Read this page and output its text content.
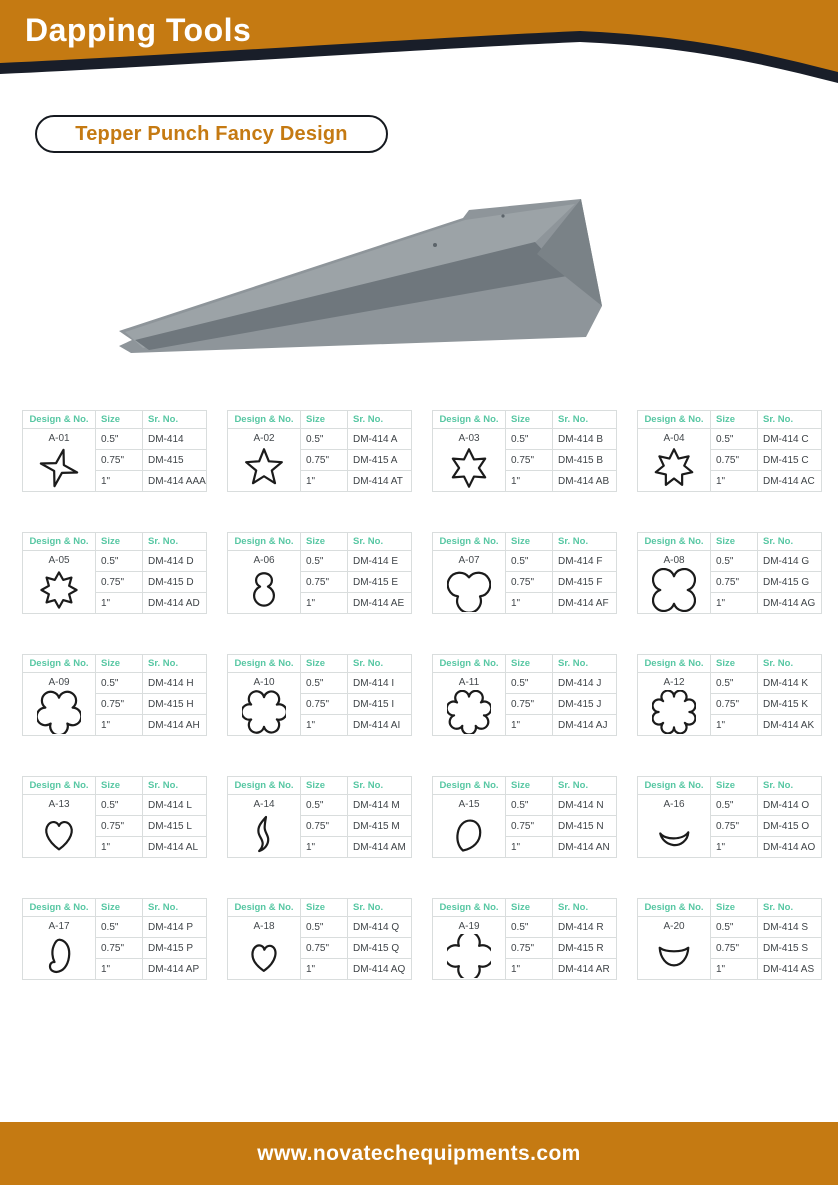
Dapping Tools
Tepper Punch Fancy Design
Design & No.	Size	Sr. No.

A-01	0.5"	DM-414
	0.75"	DM-415
	1"	DM-414 AAA
Design & No.	Size	Sr. No.

A-02	0.5"	DM-414 A
	0.75"	DM-415 A
	1"	DM-414 AT
Design & No.	Size	Sr. No.

A-03	0.5"	DM-414 B
	0.75"	DM-415 B
	1"	DM-414 AB
Design & No.	Size	Sr. No.

A-04	0.5"	DM-414 C
	0.75"	DM-415 C
	1"	DM-414 AC
Design & No.	Size	Sr. No.

A-05	0.5"	DM-414 D
	0.75"	DM-415 D
	1"	DM-414 AD
Design & No.	Size	Sr. No.

A-06	0.5"	DM-414 E
	0.75"	DM-415 E
	1"	DM-414 AE
Design & No.	Size	Sr. No.

A-07	0.5"	DM-414 F
	0.75"	DM-415 F
	1"	DM-414 AF
Design & No.	Size	Sr. No.

A-08	0.5"	DM-414 G
	0.75"	DM-415 G
	1"	DM-414 AG
Design & No.	Size	Sr. No.

A-09	0.5"	DM-414 H
	0.75"	DM-415 H
	1"	DM-414 AH
Design & No.	Size	Sr. No.

A-10	0.5"	DM-414 I
	0.75"	DM-415 I
	1"	DM-414 AI
Design & No.	Size	Sr. No.

A-11	0.5"	DM-414 J
	0.75"	DM-415 J
	1"	DM-414 AJ
Design & No.	Size	Sr. No.

A-12	0.5"	DM-414 K
	0.75"	DM-415 K
	1"	DM-414 AK
Design & No.	Size	Sr. No.

A-13	0.5"	DM-414 L
	0.75"	DM-415 L
	1"	DM-414 AL
Design & No.	Size	Sr. No.

A-14	0.5"	DM-414 M
	0.75"	DM-415 M
	1"	DM-414 AM
Design & No.	Size	Sr. No.

A-15	0.5"	DM-414 N
	0.75"	DM-415 N
	1"	DM-414 AN
Design & No.	Size	Sr. No.

A-16	0.5"	DM-414 O
	0.75"	DM-415 O
	1"	DM-414 AO
Design & No.	Size	Sr. No.

A-17	0.5"	DM-414 P
	0.75"	DM-415 P
	1"	DM-414 AP
Design & No.	Size	Sr. No.

A-18	0.5"	DM-414 Q
	0.75"	DM-415 Q
	1"	DM-414 AQ
Design & No.	Size	Sr. No.

A-19	0.5"	DM-414 R
	0.75"	DM-415 R
	1"	DM-414 AR
Design & No.	Size	Sr. No.

A-20	0.5"	DM-414 S
	0.75"	DM-415 S
	1"	DM-414 AS
www.novatechequipments.com
